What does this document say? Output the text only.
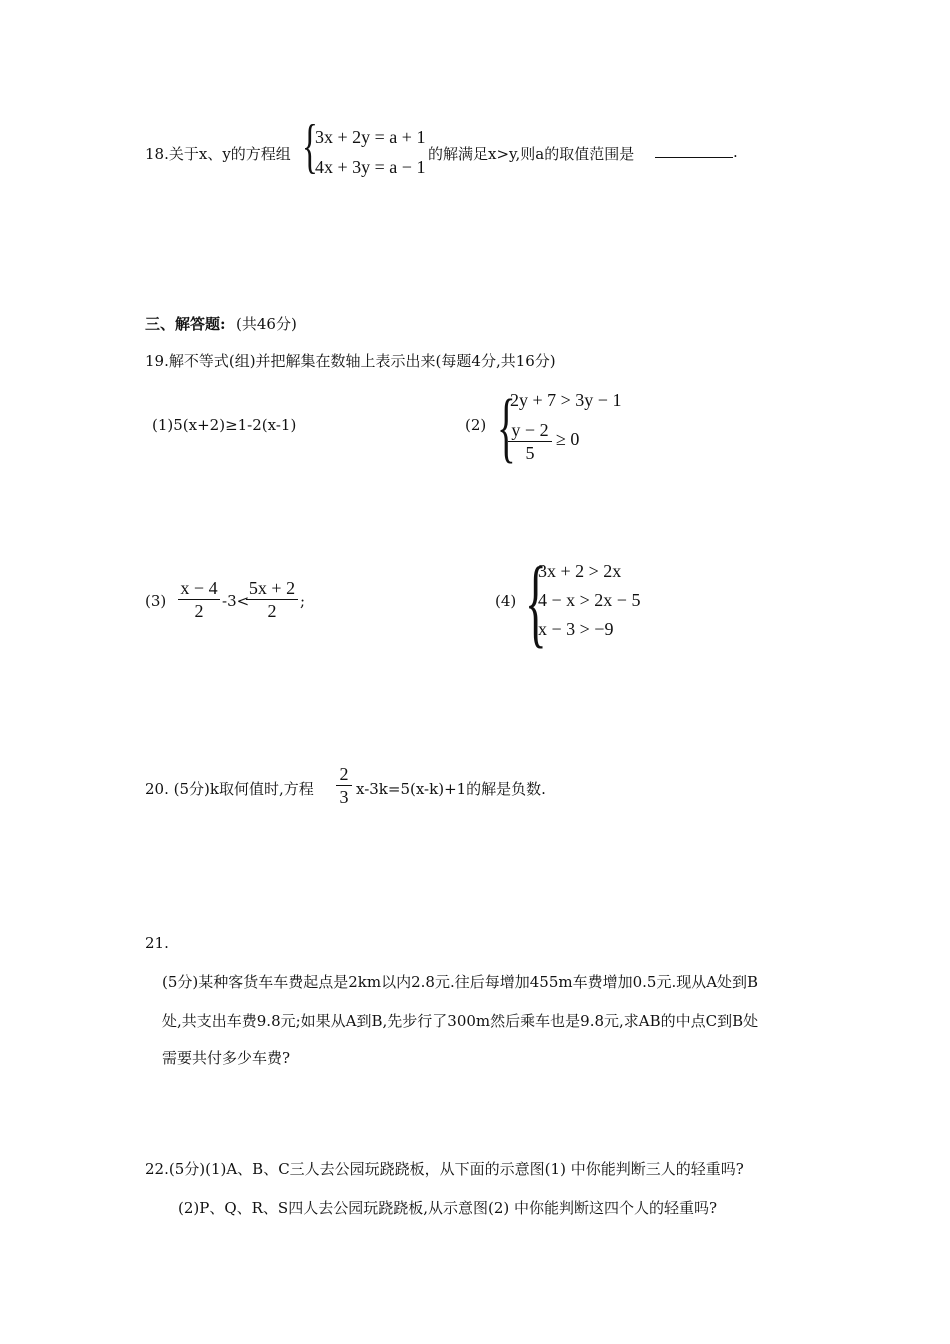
18.关于x、y的方程组 {
3x + 2y = a + 1
4x + 3y = a − 1
的解满足x>y,则a的取值范围是	.
三、解答题: (共46分)
19.解不等式(组)并把解集在数轴上表示出来(每题4分,共16分)
(1)5(x+2)≥1-2(x-1)	(2) {
2y + 7 > 3y − 1
y − 2
5
≥ 0
(3)
x − 4
2	-3<
5x + 2
2	;	(4) {
3x + 2 > 2x
4 − x > 2x − 5
x − 3 > −9
20. (5分)k取何值时,方程
2
3 x-3k=5(x-k)+1的解是负数.
21.
(5分)某种客货车车费起点是2km以内2.8元.往后每增加455m车费增加0.5元.现从A处到B
处,共支出车费9.8元;如果从A到B,先步行了300m然后乘车也是9.8元,求AB的中点C到B处
需要共付多少车费?
22.(5分)(1)A、B、C三人去公园玩跷跷板，从下面的示意图(1) 中你能判断三人的轻重吗?
(2)P、Q、R、S四人去公园玩跷跷板,从示意图(2) 中你能判断这四个人的轻重吗?
